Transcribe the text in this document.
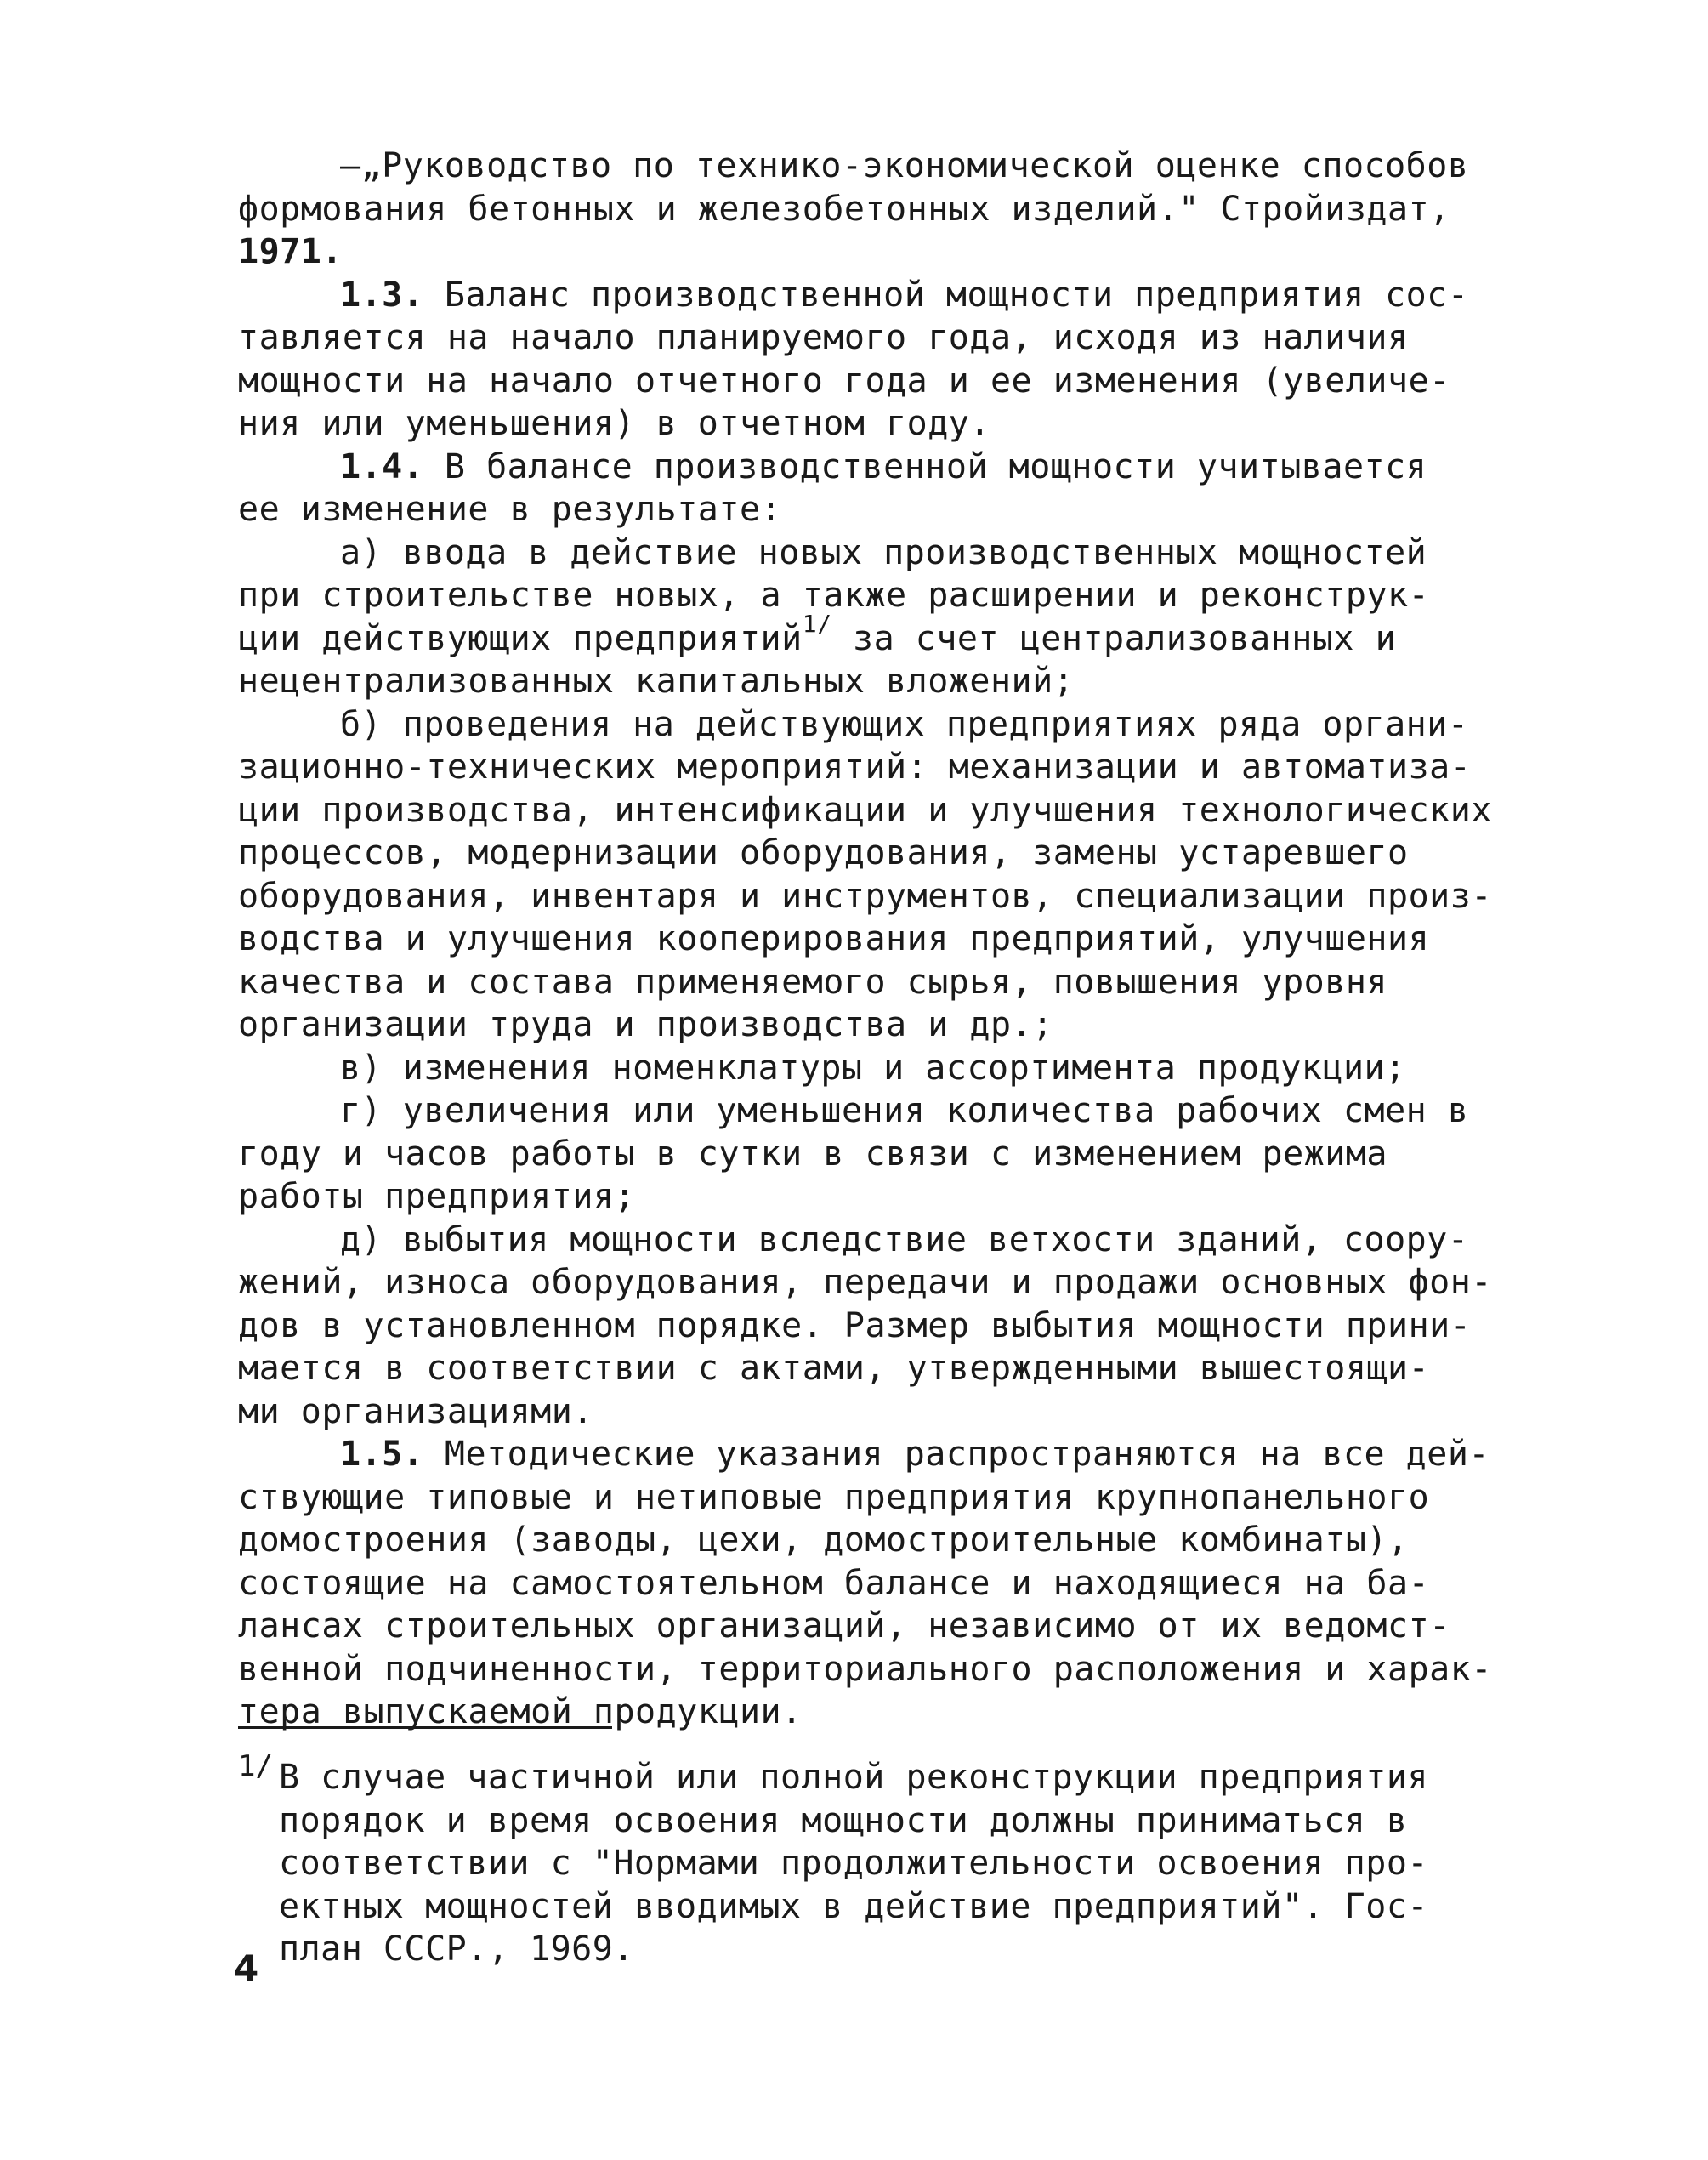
–„Руководство по технико-экономической оценке способов
формования бетонных и железобетонных изделий." Стройиздат,
1971.
1.3. Баланс производственной мощности предприятия сос-
тавляется на начало планируемого года, исходя из наличия
мощности на начало отчетного года и ее изменения (увеличе-
ния или уменьшения) в отчетном году.
1.4. В балансе производственной мощности учитывается
ее изменение в результате:
а) ввода в действие новых производственных мощностей
при строительстве новых, а также расширении и реконструк-
ции действующих предприятий$^{1/}$ за счет централизованных и
нецентрализованных капитальных вложений;
б) проведения на действующих предприятиях ряда органи-
зационно-технических мероприятий: механизации и автоматиза-
ции производства, интенсификации и улучшения технологических
процессов, модернизации оборудования, замены устаревшего
оборудования, инвентаря и инструментов, специализации произ-
водства и улучшения кооперирования предприятий, улучшения
качества и состава применяемого сырья, повышения уровня
организации труда и производства и др.;
в) изменения номенклатуры и ассортимента продукции;
г) увеличения или уменьшения количества рабочих смен в
году и часов работы в сутки в связи с изменением режима
работы предприятия;
д) выбытия мощности вследствие ветхости зданий, соору-
жений, износа оборудования, передачи и продажи основных фон-
дов в установленном порядке. Размер выбытия мощности прини-
мается в соответствии с актами, утвержденными вышестоящи-
ми организациями.
1.5. Методические указания распространяются на все дей-
ствующие типовые и нетиповые предприятия крупнопанельного
домостроения (заводы, цехи, домостроительные комбинаты),
состоящие на самостоятельном балансе и находящиеся на ба-
лансах строительных организаций, независимо от их ведомст-
венной подчиненности, территориального расположения и харак-
тера выпускаемой продукции.
1/ В случае частичной или полной реконструкции предприятия
порядок и время освоения мощности должны приниматься в
соответствии с "Нормами продолжительности освоения про-
ектных мощностей вводимых в действие предприятий". Гос-
план СССР., 1969.
4
